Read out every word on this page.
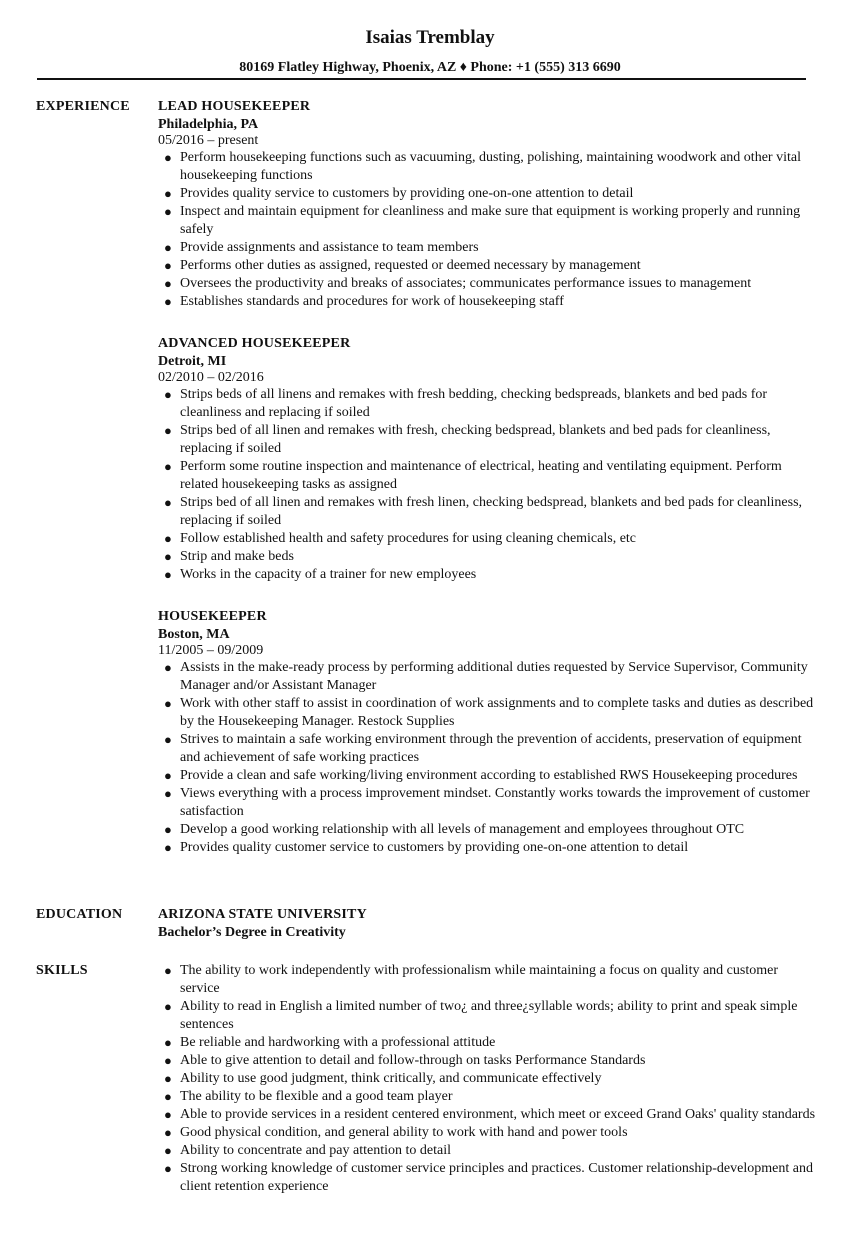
Isaias Tremblay
80169 Flatley Highway, Phoenix, AZ ♦ Phone: +1 (555) 313 6690
EXPERIENCE LEAD HOUSEKEEPER
Philadelphia, PA
05/2016 – present
● Perform housekeeping functions such as vacuuming, dusting, polishing, maintaining woodwork and other vital housekeeping functions
● Provides quality service to customers by providing one-on-one attention to detail
● Inspect and maintain equipment for cleanliness and make sure that equipment is working properly and running safely
● Provide assignments and assistance to team members
● Performs other duties as assigned, requested or deemed necessary by management
● Oversees the productivity and breaks of associates; communicates performance issues to management
● Establishes standards and procedures for work of housekeeping staff
ADVANCED HOUSEKEEPER
Detroit, MI
02/2010 – 02/2016
● Strips beds of all linens and remakes with fresh bedding, checking bedspreads, blankets and bed pads for cleanliness and replacing if soiled
● Strips bed of all linen and remakes with fresh, checking bedspread, blankets and bed pads for cleanliness, replacing if soiled
● Perform some routine inspection and maintenance of electrical, heating and ventilating equipment. Perform related housekeeping tasks as assigned
● Strips bed of all linen and remakes with fresh linen, checking bedspread, blankets and bed pads for cleanliness, replacing if soiled
● Follow established health and safety procedures for using cleaning chemicals, etc
● Strip and make beds
● Works in the capacity of a trainer for new employees
HOUSEKEEPER
Boston, MA
11/2005 – 09/2009
● Assists in the make-ready process by performing additional duties requested by Service Supervisor, Community Manager and/or Assistant Manager
● Work with other staff to assist in coordination of work assignments and to complete tasks and duties as described by the Housekeeping Manager. Restock Supplies
● Strives to maintain a safe working environment through the prevention of accidents, preservation of equipment and achievement of safe working practices
● Provide a clean and safe working/living environment according to established RWS Housekeeping procedures
● Views everything with a process improvement mindset. Constantly works towards the improvement of customer satisfaction
● Develop a good working relationship with all levels of management and employees throughout OTC
● Provides quality customer service to customers by providing one-on-one attention to detail
EDUCATION	ARIZONA STATE UNIVERSITY
Bachelor’s Degree in Creativity
SKILLS	● The ability to work independently with professionalism while maintaining a focus on quality and customer service
● Ability to read in English a limited number of two¿ and three¿syllable words; ability to print and speak simple sentences
● Be reliable and hardworking with a professional attitude
● Able to give attention to detail and follow-through on tasks Performance Standards
● Ability to use good judgment, think critically, and communicate effectively
● The ability to be flexible and a good team player
● Able to provide services in a resident centered environment, which meet or exceed Grand Oaks' quality standards
● Good physical condition, and general ability to work with hand and power tools
● Ability to concentrate and pay attention to detail
● Strong working knowledge of customer service principles and practices. Customer relationship-development and client retention experience
